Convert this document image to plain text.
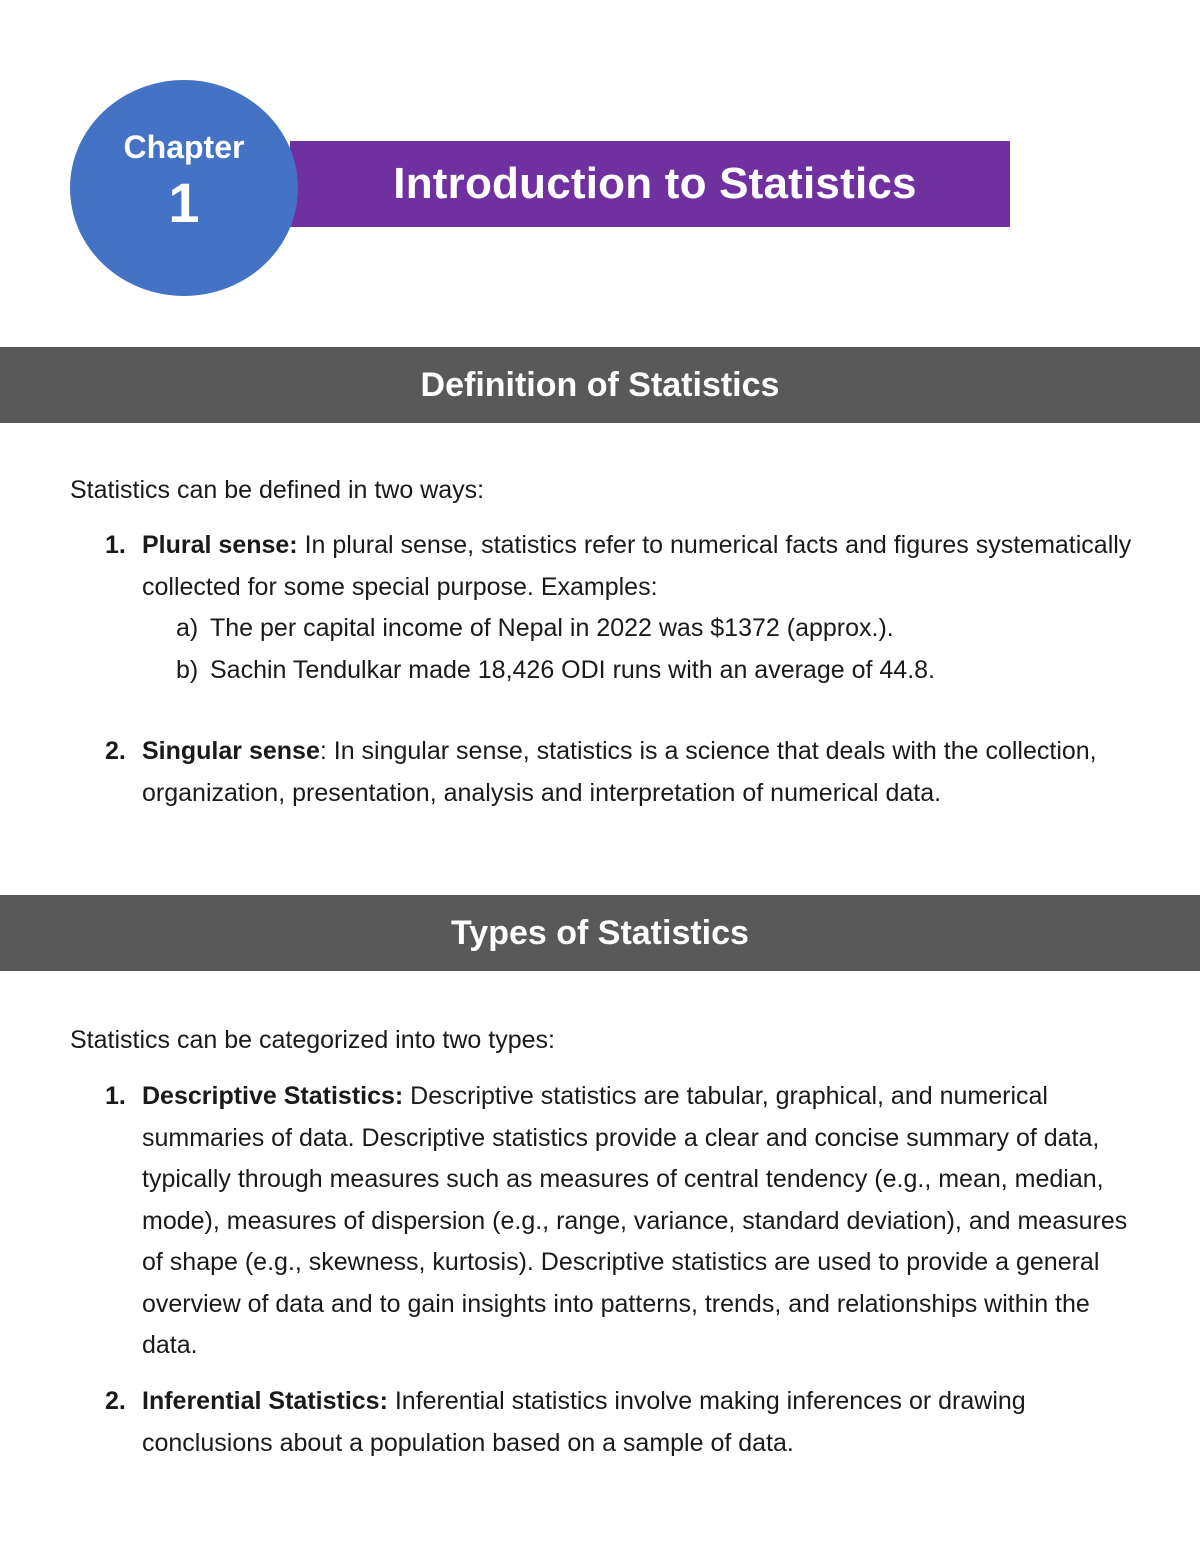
Introduction to Statistics
Chapter
1
Definition of Statistics

Statistics can be defined in two ways:

1. Plural sense: In plural sense, statistics refer to numerical facts and figures systematically collected for some special purpose. Examples:
a) The per capital income of Nepal in 2022 was $1372 (approx.).
b) Sachin Tendulkar made 18,426 ODI runs with an average of 44.8.
2. Singular sense: In singular sense, statistics is a science that deals with the collection, organization, presentation, analysis and interpretation of numerical data.
Types of Statistics

Statistics can be categorized into two types:

1. Descriptive Statistics: Descriptive statistics are tabular, graphical, and numerical summaries of data. Descriptive statistics provide a clear and concise summary of data, typically through measures such as measures of central tendency (e.g., mean, median, mode), measures of dispersion (e.g., range, variance, standard deviation), and measures of shape (e.g., skewness, kurtosis). Descriptive statistics are used to provide a general overview of data and to gain insights into patterns, trends, and relationships within the data.
2. Inferential Statistics: Inferential statistics involve making inferences or drawing conclusions about a population based on a sample of data.
